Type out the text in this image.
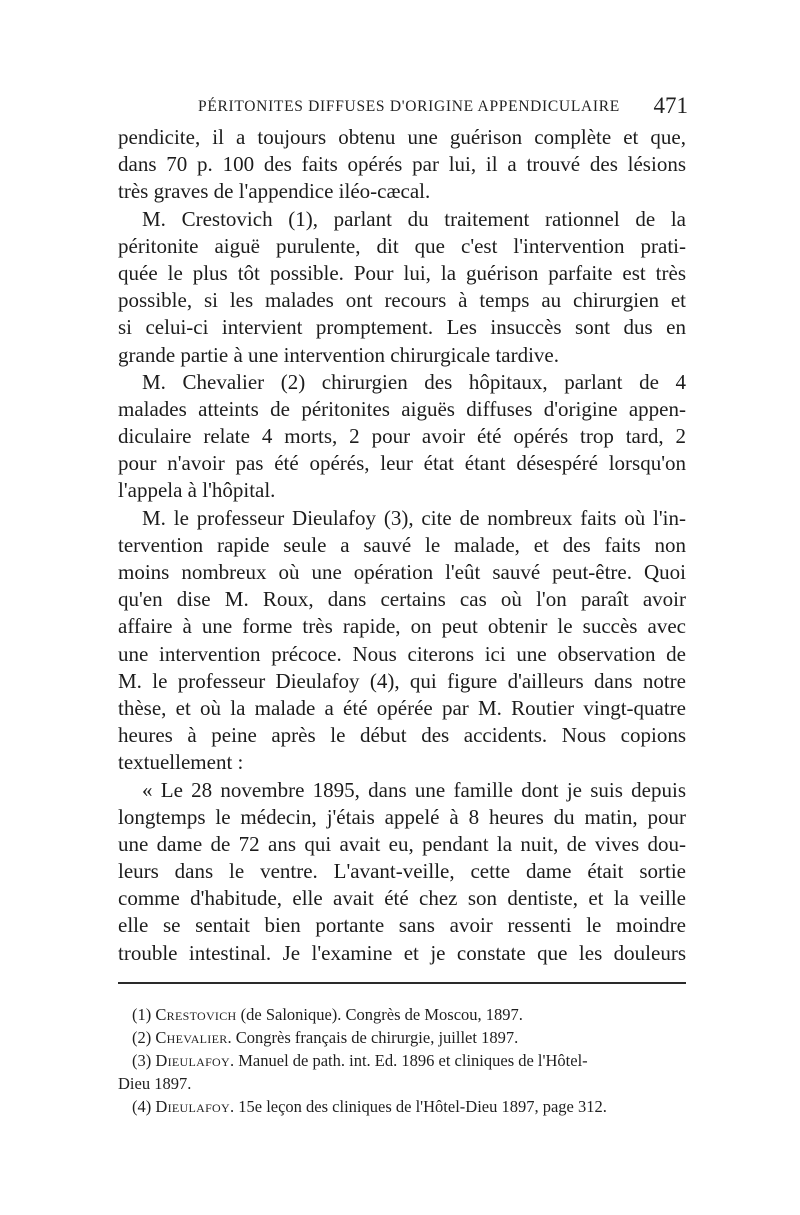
PÉRITONITES DIFFUSES D'ORIGINE APPENDICULAIRE 471
pendicite, il a toujours obtenu une guérison complète et que,
dans 70 p. 100 des faits opérés par lui, il a trouvé des lésions
très graves de l'appendice iléo-cæcal.
M. Crestovich (1), parlant du traitement rationnel de la
péritonite aiguë purulente, dit que c'est l'intervention prati-
quée le plus tôt possible. Pour lui, la guérison parfaite est très
possible, si les malades ont recours à temps au chirurgien et
si celui-ci intervient promptement. Les insuccès sont dus en
grande partie à une intervention chirurgicale tardive.
M. Chevalier (2) chirurgien des hôpitaux, parlant de 4
malades atteints de péritonites aiguës diffuses d'origine appen-
diculaire relate 4 morts, 2 pour avoir été opérés trop tard, 2
pour n'avoir pas été opérés, leur état étant désespéré lorsqu'on
l'appela à l'hôpital.
M. le professeur Dieulafoy (3), cite de nombreux faits où l'in-
tervention rapide seule a sauvé le malade, et des faits non
moins nombreux où une opération l'eût sauvé peut-être. Quoi
qu'en dise M. Roux, dans certains cas où l'on paraît avoir
affaire à une forme très rapide, on peut obtenir le succès avec
une intervention précoce. Nous citerons ici une observation de
M. le professeur Dieulafoy (4), qui figure d'ailleurs dans notre
thèse, et où la malade a été opérée par M. Routier vingt-quatre
heures à peine après le début des accidents. Nous copions
textuellement :
« Le 28 novembre 1895, dans une famille dont je suis depuis
longtemps le médecin, j'étais appelé à 8 heures du matin, pour
une dame de 72 ans qui avait eu, pendant la nuit, de vives dou-
leurs dans le ventre. L'avant-veille, cette dame était sortie
comme d'habitude, elle avait été chez son dentiste, et la veille
elle se sentait bien portante sans avoir ressenti le moindre
trouble intestinal. Je l'examine et je constate que les douleurs
(1) Crestovich (de Salonique). Congrès de Moscou, 1897.
(2) Chevalier. Congrès français de chirurgie, juillet 1897.
(3) Dieulafoy. Manuel de path. int. Ed. 1896 et cliniques de l'Hôtel-
Dieu 1897.
(4) Dieulafoy. 15e leçon des cliniques de l'Hôtel-Dieu 1897, page 312.
